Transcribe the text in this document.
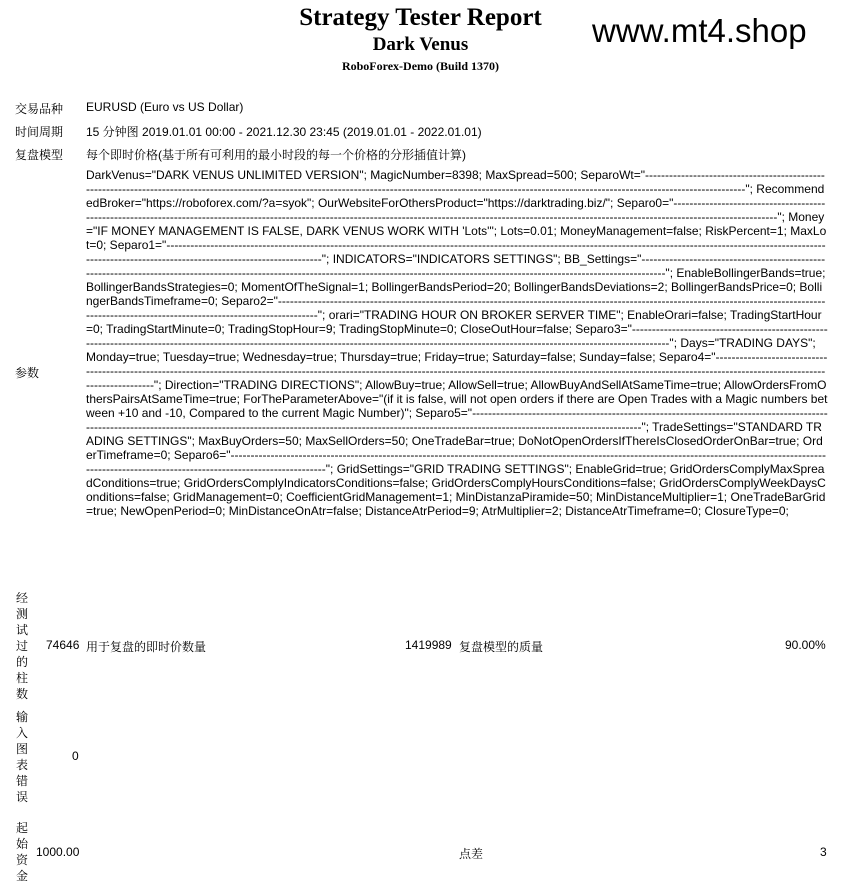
Strategy Tester Report
Dark Venus
RoboForex-Demo (Build 1370)
www.mt4.shop
交易品种 EURUSD (Euro vs US Dollar)
时间周期 15 分钟图 2019.01.01 00:00 - 2021.12.30 23:45 (2019.01.01 - 2022.01.01)
复盘模型 每个即时价格(基于所有可利用的最小时段的每一个价格的分形插值计算)
参数
DarkVenus="DARK VENUS UNLIMITED VERSION"; MagicNumber=8398; MaxSpread=500; SeparoWt="------------------------------------------------------------------------------------------------------------------------------------------------------------------------------------------------------------------"; RecommendedBroker="https://roboforex.com/?a=syok"; OurWebsiteForOthersProduct="https://darktrading.biz/"; Separo0="-------------------------------------------------------------------------------------------------------------------------------------------------------------------------------------------------------------------"; Money="IF MONEY MANAGEMENT IS FALSE, DARK VENUS WORK WITH 'Lots'"; Lots=0.01; MoneyManagement=false; RiskPercent=1; MaxLot=0; Separo1="--------------------------------------------------------------------------------------------------------------------------------------------------------------------------------------------------------------------------------"; INDICATORS="INDICATORS SETTINGS"; BB_Settings="-----------------------------------------------------------------------------------------------------------------------------------------------------------------------------------------------"; EnableBollingerBands=true; BollingerBandsStrategies=0; MomentOfTheSignal=1; BollingerBandsPeriod=20; BollingerBandsDeviations=2; BollingerBandsPrice=0; BollingerBandsTimeframe=0; Separo2="---------------------------------------------------------------------------------------------------------------------------------------------------------------------------------------------------"; orari="TRADING HOUR ON BROKER SERVER TIME"; EnableOrari=false; TradingStartHour=0; TradingStartMinute=0; TradingStopHour=9; TradingStopMinute=0; CloseOutHour=false; Separo3="---------------------------------------------------------------------------------------------------------------------------------------------------------------------------------------------------"; Days="TRADING DAYS"; Monday=true; Tuesday=true; Wednesday=true; Thursday=true; Friday=true; Saturday=false; Sunday=false; Separo4="--------------------------------------------------------------------------------------------------------------------------------------------------------------------------------------------------------------------------------------"; Direction="TRADING DIRECTIONS"; AllowBuy=true; AllowSell=true; AllowBuyAndSellAtSameTime=true; AllowOrdersFromOthersPairsAtSameTime=true; ForTheParameterAbove="(if it is false, will not open orders if there are Open Trades with a Magic numbers between +10 and -10, Compared to the current Magic Number)"; Separo5="------------------------------------------------------------------------------------------------------------------------------------------------------------------------------------------------------------------------------------"; TradeSettings="STANDARD TRADING SETTINGS"; MaxBuyOrders=50; MaxSellOrders=50; OneTradeBar=true; DoNotOpenOrdersIfThereIsClosedOrderOnBar=true; OrderTimeframe=0; Separo6="-----------------------------------------------------------------------------------------------------------------------------------------------------------------------------------------------------------------"; GridSettings="GRID TRADING SETTINGS"; EnableGrid=true; GridOrdersComplyMaxSpreadConditions=true; GridOrdersComplyIndicatorsConditions=false; GridOrdersComplyHoursConditions=false; GridOrdersComplyWeekDaysConditions=false; GridManagement=0; CoefficientGridManagement=1; MinDistanzaPiramide=50; MinDistanceMultiplier=1; OneTradeBarGrid=true; NewOpenPeriod=0; MinDistanceOnAtr=false; DistanceAtrPeriod=9; AtrMultiplier=2; DistanceAtrTimeframe=0; ClosureType=0;
经测试过的柱数
74646 用于复盘的即时价数量	1419989 复盘模型的质量	90.00%
输入图表错误
0
起始资金
1000.00	点差	3
